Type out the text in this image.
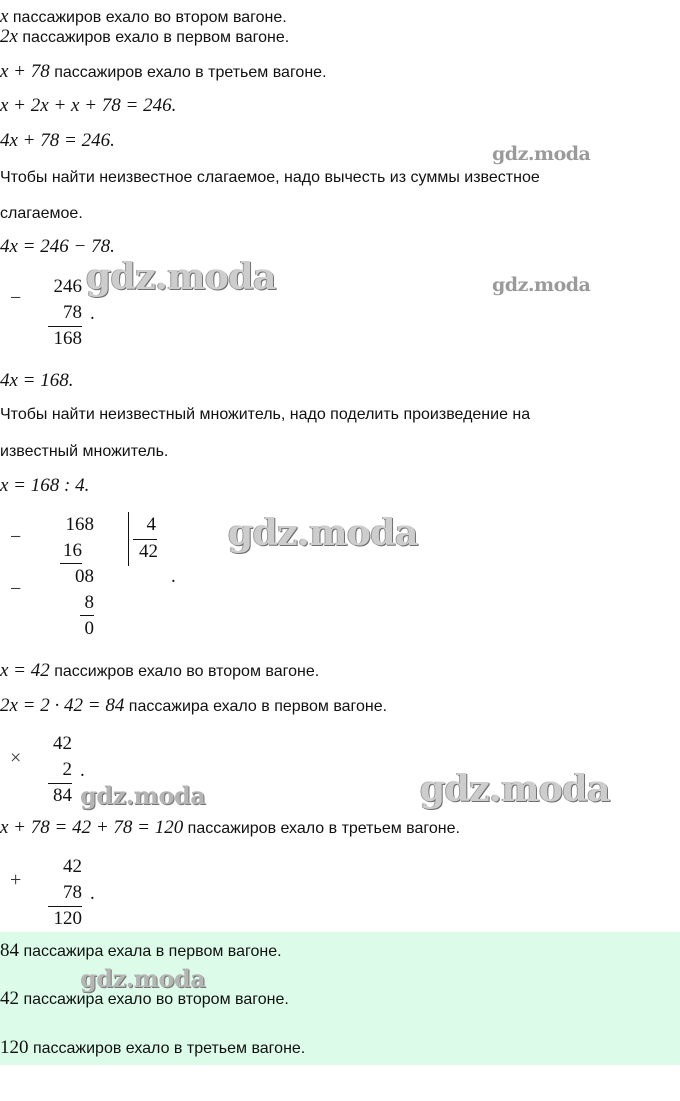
x пассажиров ехало во втором вагоне.
2x пассажиров ехало в первом вагоне.
x + 78 пассажиров ехало в третьем вагоне.
x + 2x + x + 78 = 246.
4x + 78 = 246.
Чтобы найти неизвестное слагаемое, надо вычесть из суммы известное
слагаемое.
4x = 246 − 78.
−
246
78
168
.
4x = 168.
Чтобы найти неизвестный множитель, надо поделить произведение на
известный множитель.
x = 168 : 4.
−
−
168
16
08
8
0
4
42
.
x = 42 пассижров ехало во втором вагоне.
2x = 2 · 42 = 84 пассажира ехало в первом вагоне.
×
42
2
84
.
x + 78 = 42 + 78 = 120 пассажиров ехало в третьем вагоне.
+
42
78
120
.
84 пассажира ехала в первом вагоне.
42 пассажира ехало во втором вагоне.
120 пассажиров ехало в третьем вагоне.
gdz.moda
gdz.moda	gdz.moda
gdz.moda
gdz.moda	gdz.moda
gdz.moda
